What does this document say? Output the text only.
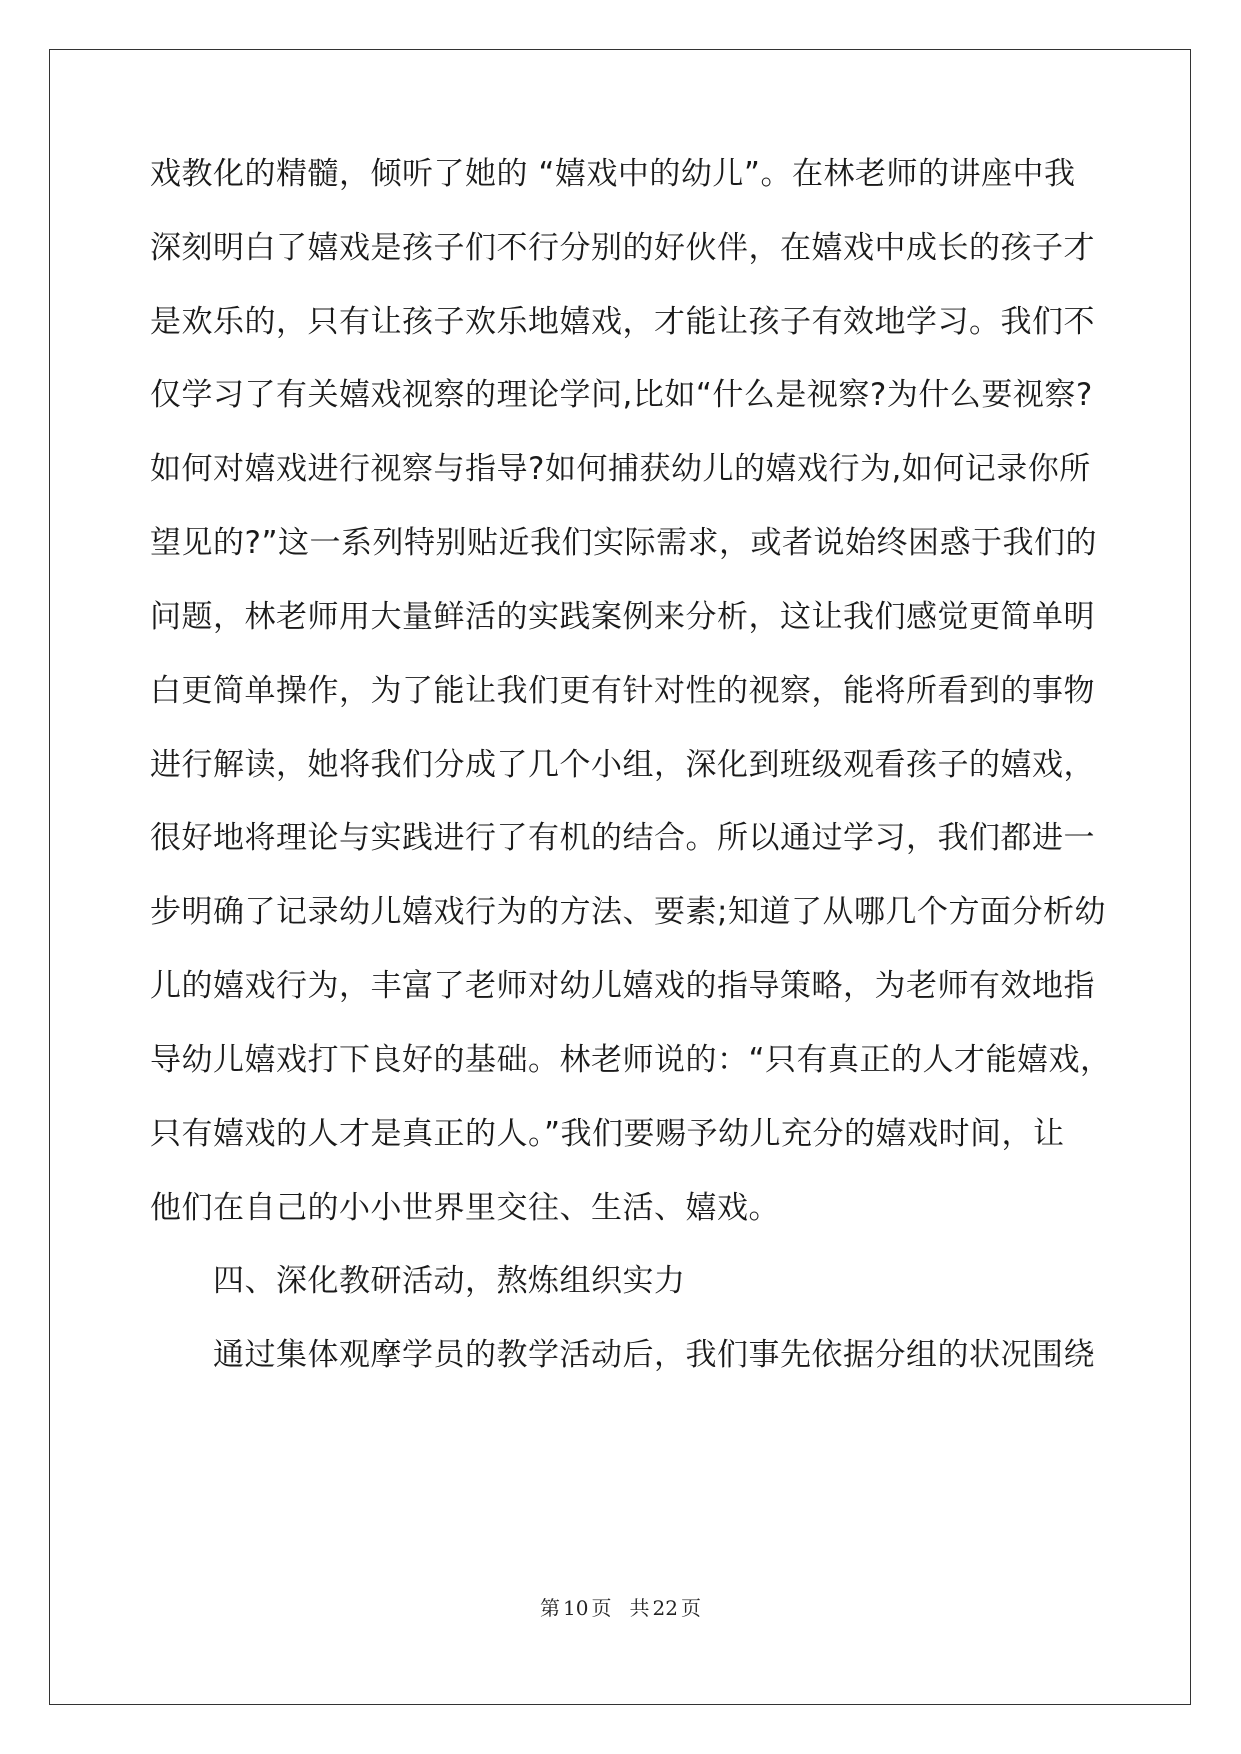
戏教化的精髓，倾听了她的 “嬉戏中的幼儿”。在林老师的讲座中我
深刻明白了嬉戏是孩子们不行分别的好伙伴，在嬉戏中成长的孩子才
是欢乐的，只有让孩子欢乐地嬉戏，才能让孩子有效地学习。我们不
仅学习了有关嬉戏视察的理论学问,比如“什么是视察?为什么要视察?
如何对嬉戏进行视察与指导?如何捕获幼儿的嬉戏行为,如何记录你所
望见的?”这一系列特别贴近我们实际需求，或者说始终困惑于我们的
问题，林老师用大量鲜活的实践案例来分析，这让我们感觉更简单明
白更简单操作，为了能让我们更有针对性的视察，能将所看到的事物
进行解读，她将我们分成了几个小组，深化到班级观看孩子的嬉戏，
很好地将理论与实践进行了有机的结合。所以通过学习，我们都进一
步明确了记录幼儿嬉戏行为的方法、要素;知道了从哪几个方面分析幼
儿的嬉戏行为，丰富了老师对幼儿嬉戏的指导策略，为老师有效地指
导幼儿嬉戏打下良好的基础。林老师说的：“只有真正的人才能嬉戏，
只有嬉戏的人才是真正的人。”我们要赐予幼儿充分的嬉戏时间，让
他们在自己的小小世界里交往、生活、嬉戏。
四、深化教研活动，熬炼组织实力
通过集体观摩学员的教学活动后，我们事先依据分组的状况围绕
第 10 页 共 22 页
